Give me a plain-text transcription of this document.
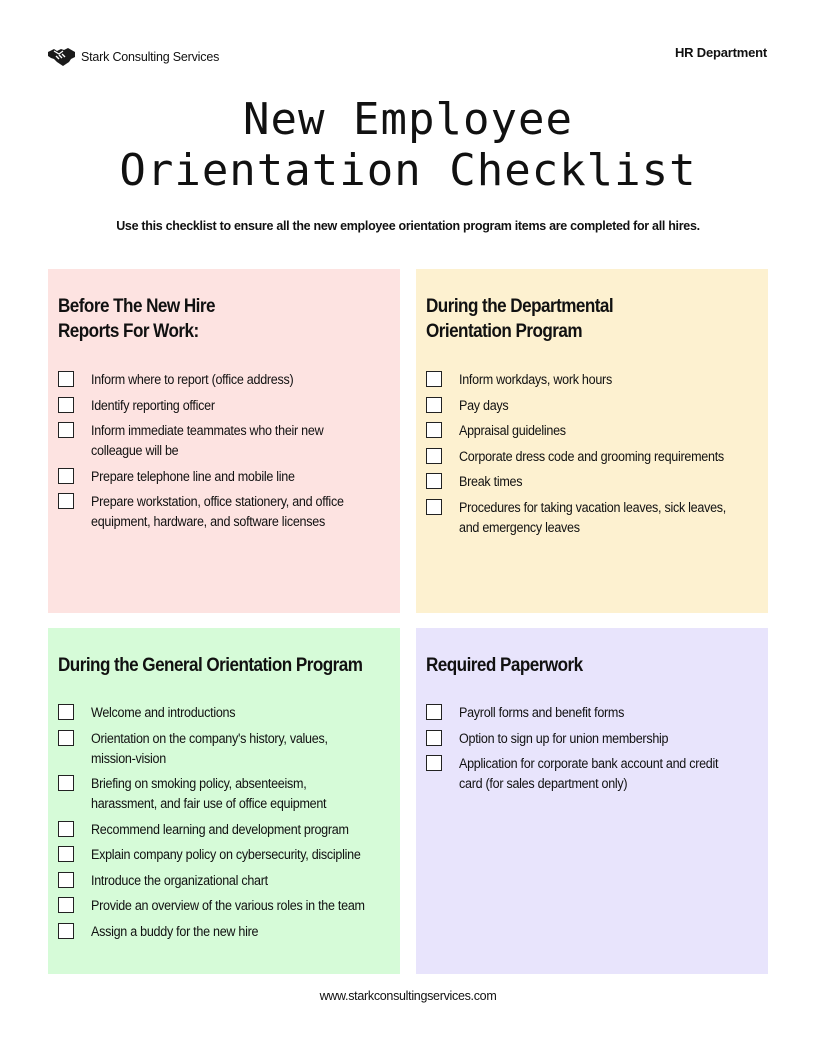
Stark Consulting Services	HR Department
New Employee
Orientation Checklist
Use this checklist to ensure all the new employee orientation program items are completed for all hires.
Before The New Hire
Reports For Work:
Inform where to report (office address)
Identify reporting officer
Inform immediate teammates who their new colleague will be
Prepare telephone line and mobile line
Prepare workstation, office stationery, and office equipment, hardware, and software licenses
During the Departmental
Orientation Program
Inform workdays, work hours
Pay days
Appraisal guidelines
Corporate dress code and grooming requirements
Break times
Procedures for taking vacation leaves, sick leaves, and emergency leaves
During the General Orientation Program
Welcome and introductions
Orientation on the company's history, values, mission-vision
Briefing on smoking policy, absenteeism, harassment, and fair use of office equipment
Recommend learning and development program
Explain company policy on cybersecurity, discipline
Introduce the organizational chart
Provide an overview of the various roles in the team
Assign a buddy for the new hire
Required Paperwork
Payroll forms and benefit forms
Option to sign up for union membership
Application for corporate bank account and credit card (for sales department only)
www.starkconsultingservices.com
